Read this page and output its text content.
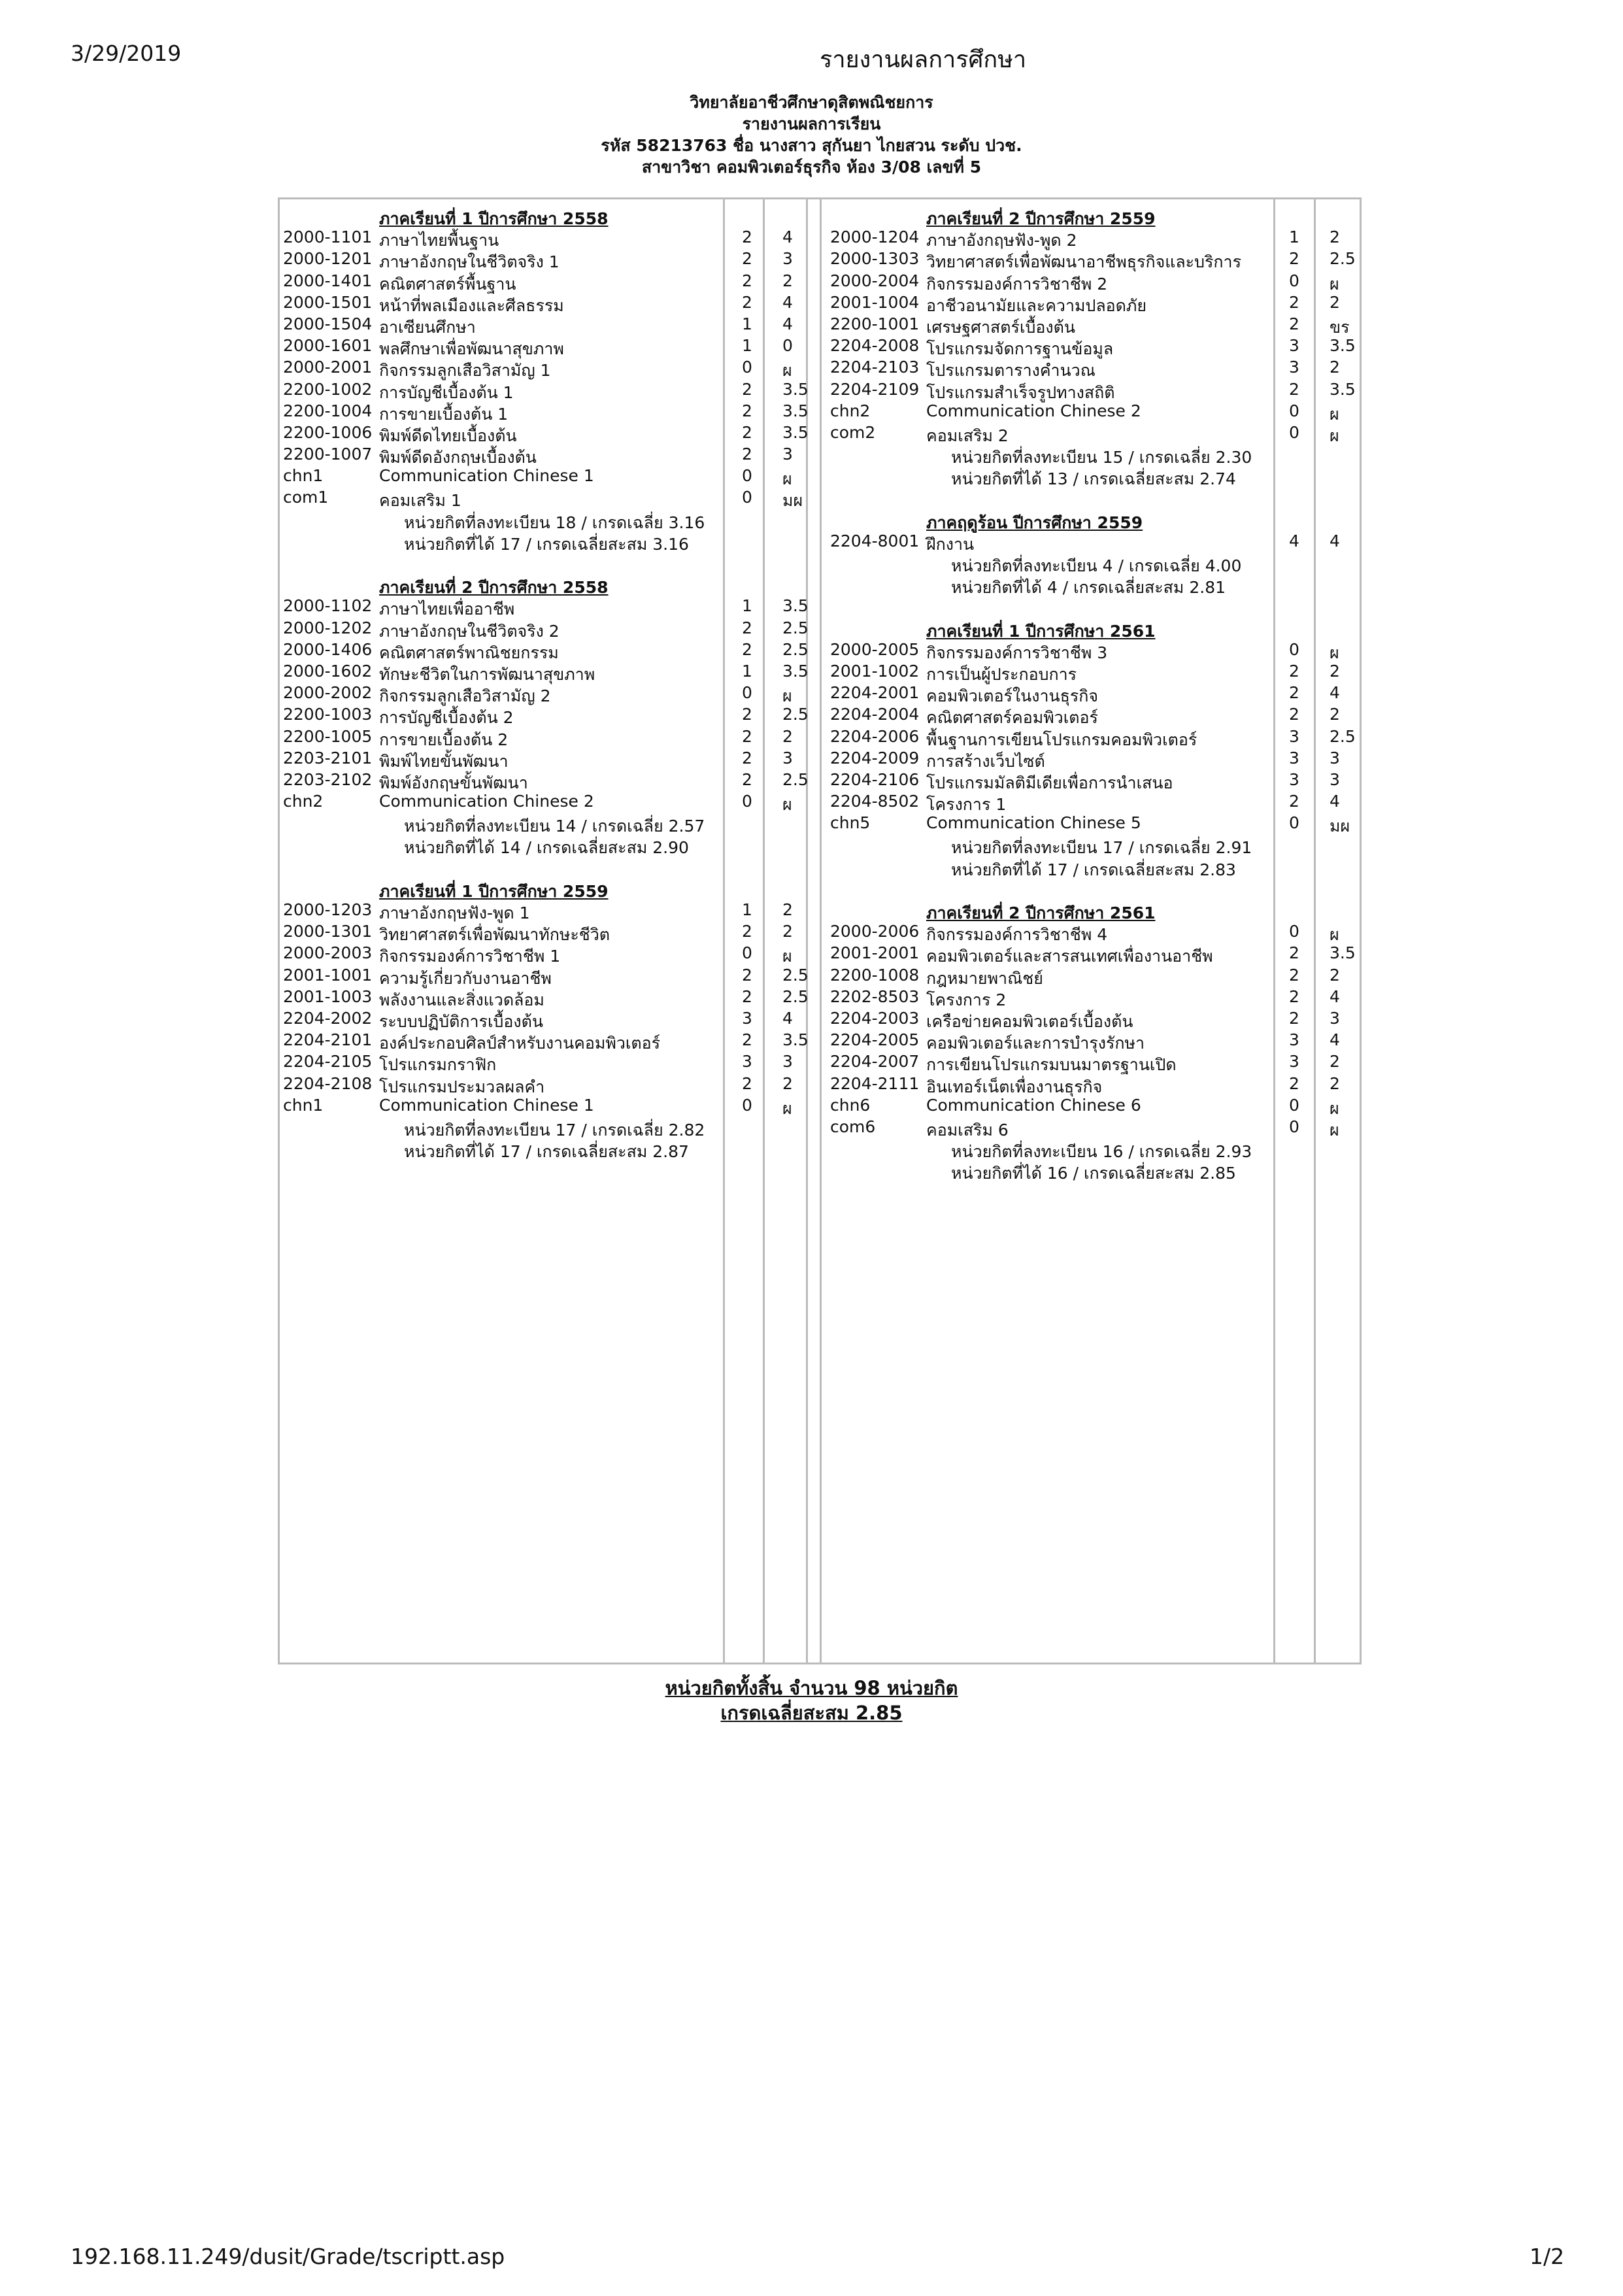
3/29/2019	รายงานผลการศึกษา
วิทยาลัยอาชีวศึกษาดุสิตพณิชยการ
รายงานผลการเรียน
รหัส 58213763 ชื่อ นางสาว สุกันยา ไกยสวน ระดับ ปวช.
สาขาวิชา คอมพิวเตอร์ธุรกิจ ห้อง 3/08 เลขที่ 5
ภาคเรียนที่ 1 ปีการศึกษา 2558
2000-1101 ภาษาไทยพื้นฐาน	2 4
2000-1201 ภาษาอังกฤษในชีวิตจริง 1	2 3
2000-1401 คณิตศาสตร์พื้นฐาน	2 2
2000-1501 หน้าที่พลเมืองและศีลธรรม	2 4
2000-1504 อาเซียนศึกษา	1 4
2000-1601 พลศึกษาเพื่อพัฒนาสุขภาพ	1 0
2000-2001 กิจกรรมลูกเสือวิสามัญ 1	0 ผ
2200-1002 การบัญชีเบื้องต้น 1	2 3.5
2200-1004 การขายเบื้องต้น 1	2 3.5
2200-1006 พิมพ์ดีดไทยเบื้องต้น	2 3.5
2200-1007 พิมพ์ดีดอังกฤษเบื้องต้น	2 3
chn1	Communication Chinese 1	0 ผ
com1	คอมเสริม 1	0 มผ
หน่วยกิตที่ลงทะเบียน 18 / เกรดเฉลี่ย 3.16
หน่วยกิตที่ได้ 17 / เกรดเฉลี่ยสะสม 3.16
ภาคเรียนที่ 2 ปีการศึกษา 2558
2000-1102 ภาษาไทยเพื่ออาชีพ	1 3.5
2000-1202 ภาษาอังกฤษในชีวิตจริง 2	2 2.5
2000-1406 คณิตศาสตร์พาณิชยกรรม	2 2.5
2000-1602 ทักษะชีวิตในการพัฒนาสุขภาพ	1 3.5
2000-2002 กิจกรรมลูกเสือวิสามัญ 2	0 ผ
2200-1003 การบัญชีเบื้องต้น 2	2 2.5
2200-1005 การขายเบื้องต้น 2	2 2
2203-2101 พิมพ์ไทยขั้นพัฒนา	2 3
2203-2102 พิมพ์อังกฤษขั้นพัฒนา	2 2.5
chn2	Communication Chinese 2	0 ผ
หน่วยกิตที่ลงทะเบียน 14 / เกรดเฉลี่ย 2.57
หน่วยกิตที่ได้ 14 / เกรดเฉลี่ยสะสม 2.90
ภาคเรียนที่ 1 ปีการศึกษา 2559
2000-1203 ภาษาอังกฤษฟัง-พูด 1	1 2
2000-1301 วิทยาศาสตร์เพื่อพัฒนาทักษะชีวิต	2 2
2000-2003 กิจกรรมองค์การวิชาชีพ 1	0 ผ
2001-1001 ความรู้เกี่ยวกับงานอาชีพ	2 2.5
2001-1003 พลังงานและสิ่งแวดล้อม	2 2.5
2204-2002 ระบบปฏิบัติการเบื้องต้น	3 4
2204-2101 องค์ประกอบศิลป์สำหรับงานคอมพิวเตอร์	2 3.5
2204-2105 โปรแกรมกราฟิก	3 3
2204-2108 โปรแกรมประมวลผลคำ	2 2
chn1	Communication Chinese 1	0 ผ
หน่วยกิตที่ลงทะเบียน 17 / เกรดเฉลี่ย 2.82
หน่วยกิตที่ได้ 17 / เกรดเฉลี่ยสะสม 2.87
ภาคเรียนที่ 2 ปีการศึกษา 2559
2000-1204 ภาษาอังกฤษฟัง-พูด 2	1 2
2000-1303 วิทยาศาสตร์เพื่อพัฒนาอาชีพธุรกิจและบริการ	2 2.5
2000-2004 กิจกรรมองค์การวิชาชีพ 2	0 ผ
2001-1004 อาชีวอนามัยและความปลอดภัย	2 2
2200-1001 เศรษฐศาสตร์เบื้องต้น	2 ขร
2204-2008 โปรแกรมจัดการฐานข้อมูล	3 3.5
2204-2103 โปรแกรมตารางคำนวณ	3 2
2204-2109 โปรแกรมสำเร็จรูปทางสถิติ	2 3.5
chn2	Communication Chinese 2	0 ผ
com2	คอมเสริม 2	0 ผ
หน่วยกิตที่ลงทะเบียน 15 / เกรดเฉลี่ย 2.30
หน่วยกิตที่ได้ 13 / เกรดเฉลี่ยสะสม 2.74
ภาคฤดูร้อน ปีการศึกษา 2559
2204-8001 ฝึกงาน	4 4
หน่วยกิตที่ลงทะเบียน 4 / เกรดเฉลี่ย 4.00
หน่วยกิตที่ได้ 4 / เกรดเฉลี่ยสะสม 2.81
ภาคเรียนที่ 1 ปีการศึกษา 2561
2000-2005 กิจกรรมองค์การวิชาชีพ 3	0 ผ
2001-1002 การเป็นผู้ประกอบการ	2 2
2204-2001 คอมพิวเตอร์ในงานธุรกิจ	2 4
2204-2004 คณิตศาสตร์คอมพิวเตอร์	2 2
2204-2006 พื้นฐานการเขียนโปรแกรมคอมพิวเตอร์	3 2.5
2204-2009 การสร้างเว็บไซต์	3 3
2204-2106 โปรแกรมมัลติมีเดียเพื่อการนำเสนอ	3 3
2204-8502 โครงการ 1	2 4
chn5	Communication Chinese 5	0 มผ
หน่วยกิตที่ลงทะเบียน 17 / เกรดเฉลี่ย 2.91
หน่วยกิตที่ได้ 17 / เกรดเฉลี่ยสะสม 2.83
ภาคเรียนที่ 2 ปีการศึกษา 2561
2000-2006 กิจกรรมองค์การวิชาชีพ 4	0 ผ
2001-2001 คอมพิวเตอร์และสารสนเทศเพื่องานอาชีพ	2 3.5
2200-1008 กฎหมายพาณิชย์	2 2
2202-8503 โครงการ 2	2 4
2204-2003 เครือข่ายคอมพิวเตอร์เบื้องต้น	2 3
2204-2005 คอมพิวเตอร์และการบำรุงรักษา	3 4
2204-2007 การเขียนโปรแกรมบนมาตรฐานเปิด	3 2
2204-2111 อินเทอร์เน็ตเพื่องานธุรกิจ	2 2
chn6	Communication Chinese 6	0 ผ
com6	คอมเสริม 6	0 ผ
หน่วยกิตที่ลงทะเบียน 16 / เกรดเฉลี่ย 2.93
หน่วยกิตที่ได้ 16 / เกรดเฉลี่ยสะสม 2.85
หน่วยกิตทั้งสิ้น จำนวน 98 หน่วยกิต
เกรดเฉลี่ยสะสม 2.85
192.168.11.249/dusit/Grade/tscriptt.asp	1/2
